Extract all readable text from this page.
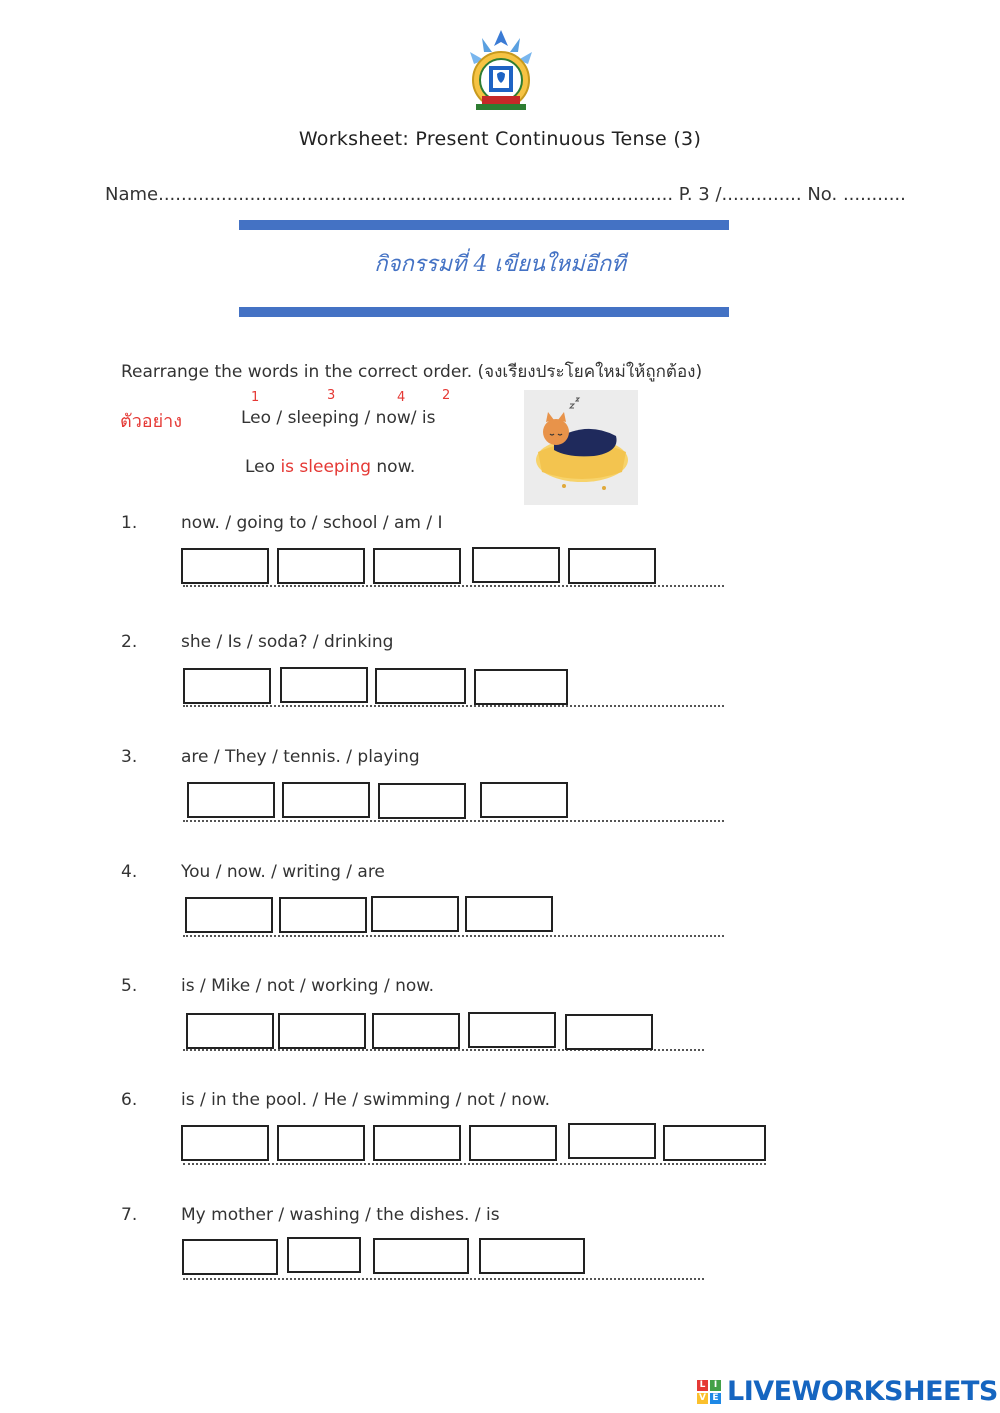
Worksheet: Present Continuous Tense (3)
Name.......................................................................................... P. 3 /.............. No. ...........
กิจกรรมที่ 4 เขียนใหม่อีกที
Rearrange the words in the correct order. (จงเรียงประโยคใหม่ให้ถูกต้อง)
1	3	4	2
ตัวอย่าง	Leo / sleeping / now/ is
Leo is sleeping now.
1.	now. / going to / school / am / I
2.	she / Is / soda? / drinking
3.	are / They / tennis. / playing
4.	You / now. / writing / are
5.	is / Mike / not / working / now.
6.	is / in the pool. / He / swimming / not / now.
7.	My mother / washing / the dishes. / is
L I
V E LIVEWORKSHEETS
